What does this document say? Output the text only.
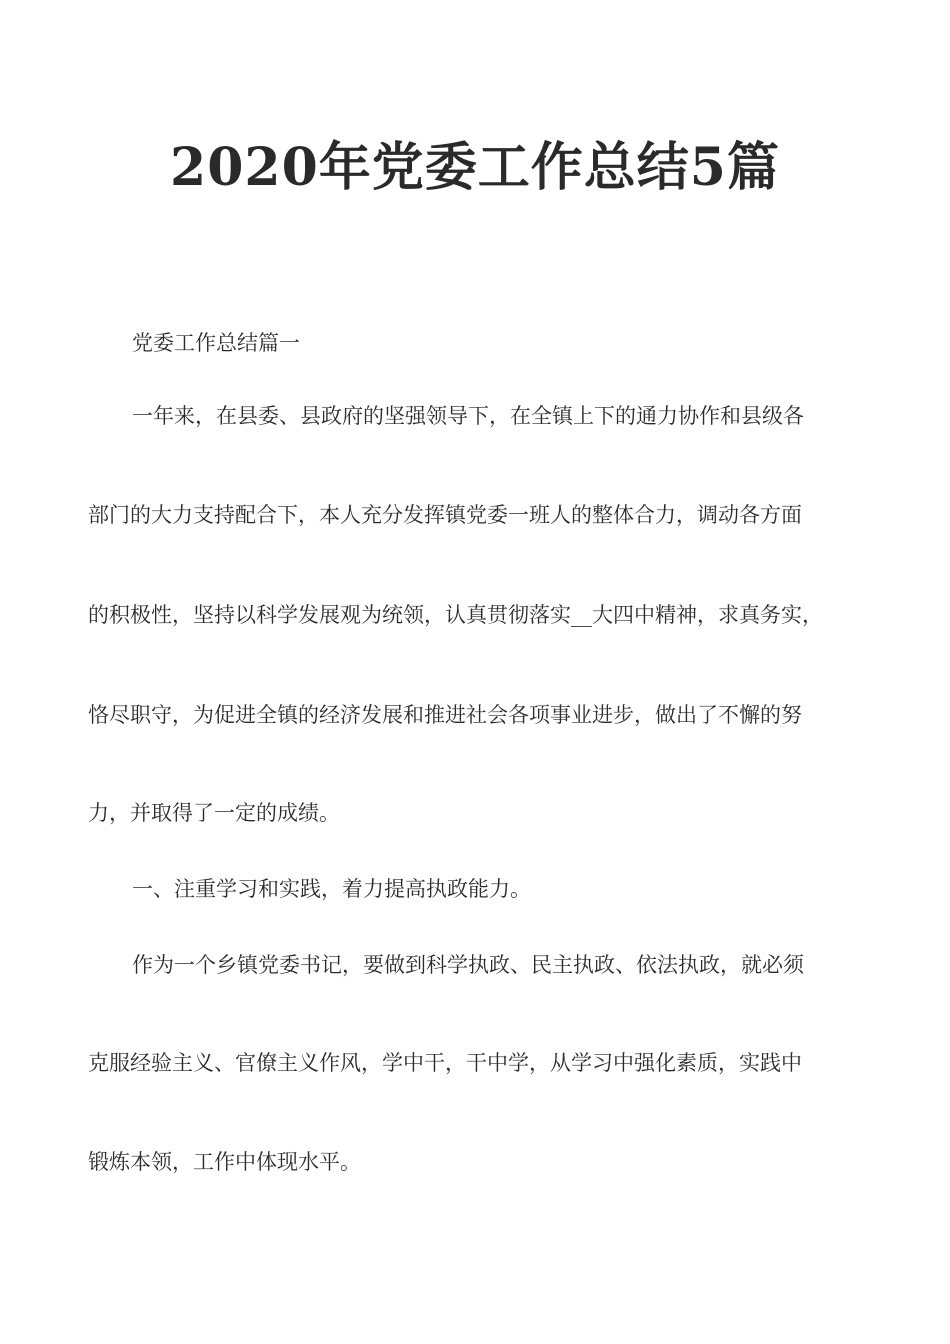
2020年党委工作总结5篇
党委工作总结篇一
一年来，在县委、县政府的坚强领导下，在全镇上下的通力协作和县级各
部门的大力支持配合下，本人充分发挥镇党委一班人的整体合力，调动各方面
的积极性，坚持以科学发展观为统领，认真贯彻落实__大四中精神，求真务实，
恪尽职守，为促进全镇的经济发展和推进社会各项事业进步，做出了不懈的努
力，并取得了一定的成绩。
一、注重学习和实践，着力提高执政能力。
作为一个乡镇党委书记，要做到科学执政、民主执政、依法执政，就必须
克服经验主义、官僚主义作风，学中干，干中学，从学习中强化素质，实践中
锻炼本领，工作中体现水平。
